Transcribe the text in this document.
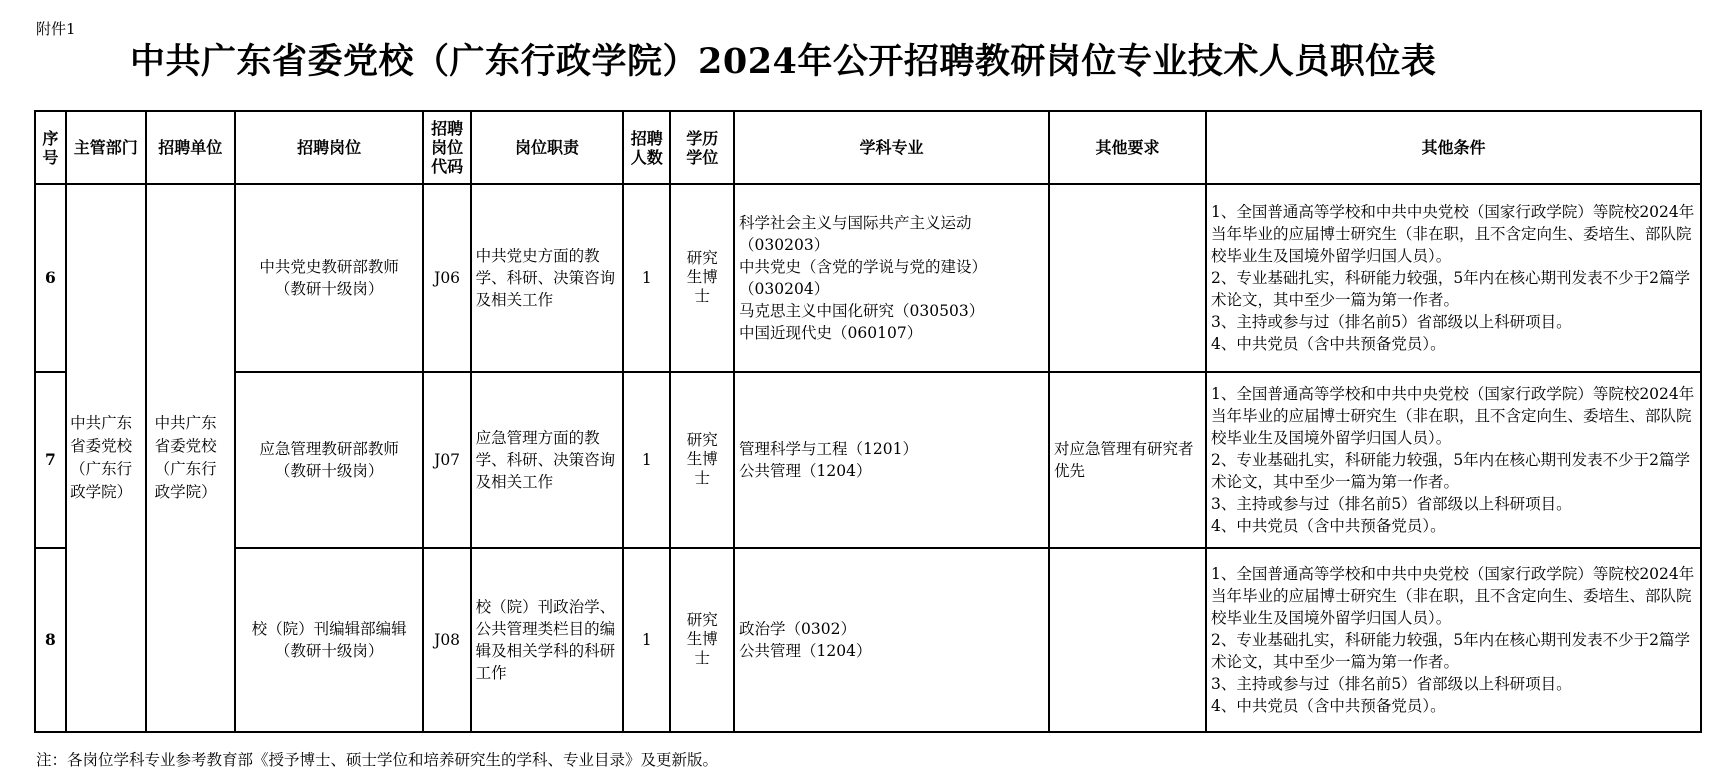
附件1
中共广东省委党校（广东行政学院）2024年公开招聘教研岗位专业技术人员职位表
序号	主管部门	招聘单位	招聘岗位	招聘岗位代码	岗位职责	招聘人数	学历学位	学科专业	其他要求	其他条件
6	中共广东省委党校（广东行政学院）	中共广东省委党校（广东行政学院）	中共党史教研部教师（教研十级岗）	J06	中共党史方面的教学、科研、决策咨询及相关工作	1	研究生博士	科学社会主义与国际共产主义运动（030203）
中共党史（含党的学说与党的建设）（030204）
马克思主义中国化研究（030503）
中国近现代史（060107）		1、全国普通高等学校和中共中央党校（国家行政学院）等院校2024年当年毕业的应届博士研究生（非在职，且不含定向生、委培生、部队院校毕业生及国境外留学归国人员）。
2、专业基础扎实，科研能力较强，5年内在核心期刊发表不少于2篇学术论文，其中至少一篇为第一作者。
3、主持或参与过（排名前5）省部级以上科研项目。
4、中共党员（含中共预备党员）。
7			应急管理教研部教师（教研十级岗）	J07	应急管理方面的教学、科研、决策咨询及相关工作	1	研究生博士	管理科学与工程（1201）
公共管理（1204）	对应急管理有研究者优先	1、全国普通高等学校和中共中央党校（国家行政学院）等院校2024年当年毕业的应届博士研究生（非在职，且不含定向生、委培生、部队院校毕业生及国境外留学归国人员）。
2、专业基础扎实，科研能力较强，5年内在核心期刊发表不少于2篇学术论文，其中至少一篇为第一作者。
3、主持或参与过（排名前5）省部级以上科研项目。
4、中共党员（含中共预备党员）。
8			校（院）刊编辑部编辑 （教研十级岗）	J08	校（院）刊政治学、公共管理类栏目的编辑及相关学科的科研工作	1	研究生博士	政治学（0302）
公共管理（1204）		1、全国普通高等学校和中共中央党校（国家行政学院）等院校2024年当年毕业的应届博士研究生（非在职，且不含定向生、委培生、部队院校毕业生及国境外留学归国人员）。
2、专业基础扎实，科研能力较强，5年内在核心期刊发表不少于2篇学术论文，其中至少一篇为第一作者。
3、主持或参与过（排名前5）省部级以上科研项目。
4、中共党员（含中共预备党员）。
注：各岗位学科专业参考教育部《授予博士、硕士学位和培养研究生的学科、专业目录》及更新版。
